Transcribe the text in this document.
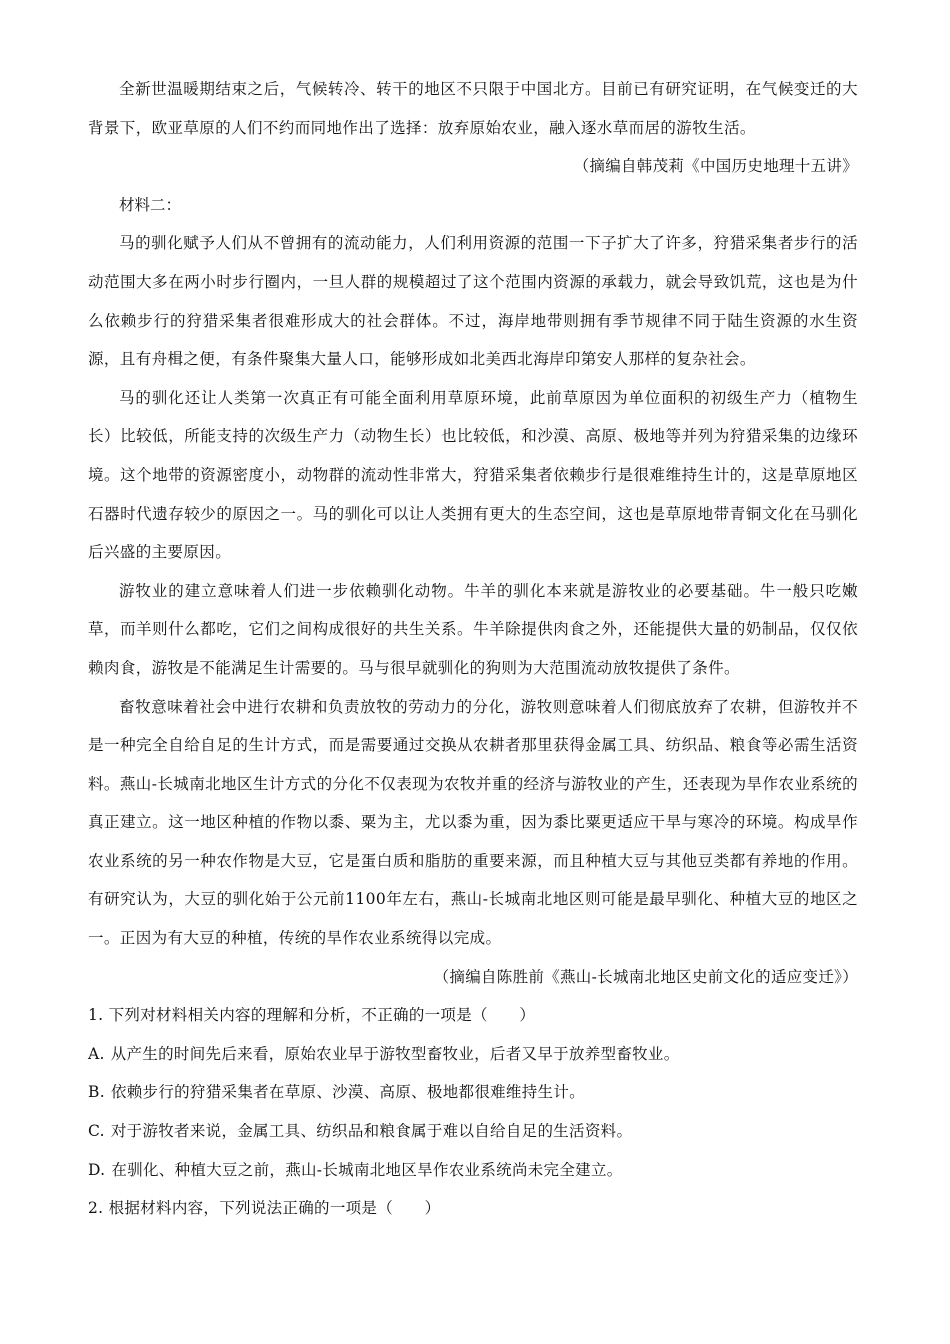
全新世温暖期结束之后，气候转冷、转干的地区不只限于中国北方。目前已有研究证明，在气候变迁的大背景下，欧亚草原的人们不约而同地作出了选择：放弃原始农业，融入逐水草而居的游牧生活。

（摘编自韩茂莉《中国历史地理十五讲》

材料二：

马的驯化赋予人们从不曾拥有的流动能力，人们利用资源的范围一下子扩大了许多，狩猎采集者步行的活动范围大多在两小时步行圈内，一旦人群的规模超过了这个范围内资源的承载力，就会导致饥荒，这也是为什么依赖步行的狩猎采集者很难形成大的社会群体。不过，海岸地带则拥有季节规律不同于陆生资源的水生资源，且有舟楫之便，有条件聚集大量人口，能够形成如北美西北海岸印第安人那样的复杂社会。

马的驯化还让人类第一次真正有可能全面利用草原环境，此前草原因为单位面积的初级生产力（植物生长）比较低，所能支持的次级生产力（动物生长）也比较低，和沙漠、高原、极地等并列为狩猎采集的边缘环境。这个地带的资源密度小，动物群的流动性非常大，狩猎采集者依赖步行是很难维持生计的，这是草原地区石器时代遗存较少的原因之一。马的驯化可以让人类拥有更大的生态空间，这也是草原地带青铜文化在马驯化后兴盛的主要原因。

游牧业的建立意味着人们进一步依赖驯化动物。牛羊的驯化本来就是游牧业的必要基础。牛一般只吃嫩草，而羊则什么都吃，它们之间构成很好的共生关系。牛羊除提供肉食之外，还能提供大量的奶制品，仅仅依赖肉食，游牧是不能满足生计需要的。马与很早就驯化的狗则为大范围流动放牧提供了条件。

畜牧意味着社会中进行农耕和负责放牧的劳动力的分化，游牧则意味着人们彻底放弃了农耕，但游牧并不是一种完全自给自足的生计方式，而是需要通过交换从农耕者那里获得金属工具、纺织品、粮食等必需生活资料。燕山-长城南北地区生计方式的分化不仅表现为农牧并重的经济与游牧业的产生，还表现为旱作农业系统的真正建立。这一地区种植的作物以黍、粟为主，尤以黍为重，因为黍比粟更适应干旱与寒冷的环境。构成旱作农业系统的另一种农作物是大豆，它是蛋白质和脂肪的重要来源，而且种植大豆与其他豆类都有养地的作用。有研究认为，大豆的驯化始于公元前1100年左右，燕山-长城南北地区则可能是最早驯化、种植大豆的地区之一。正因为有大豆的种植，传统的旱作农业系统得以完成。

（摘编自陈胜前《燕山-长城南北地区史前文化的适应变迁》）

1. 下列对材料相关内容的理解和分析，不正确的一项是（　　）

A. 从产生的时间先后来看，原始农业早于游牧型畜牧业，后者又早于放养型畜牧业。

B. 依赖步行的狩猎采集者在草原、沙漠、高原、极地都很难维持生计。

C. 对于游牧者来说，金属工具、纺织品和粮食属于难以自给自足的生活资料。

D. 在驯化、种植大豆之前，燕山-长城南北地区旱作农业系统尚未完全建立。

2. 根据材料内容，下列说法正确的一项是（　　）
